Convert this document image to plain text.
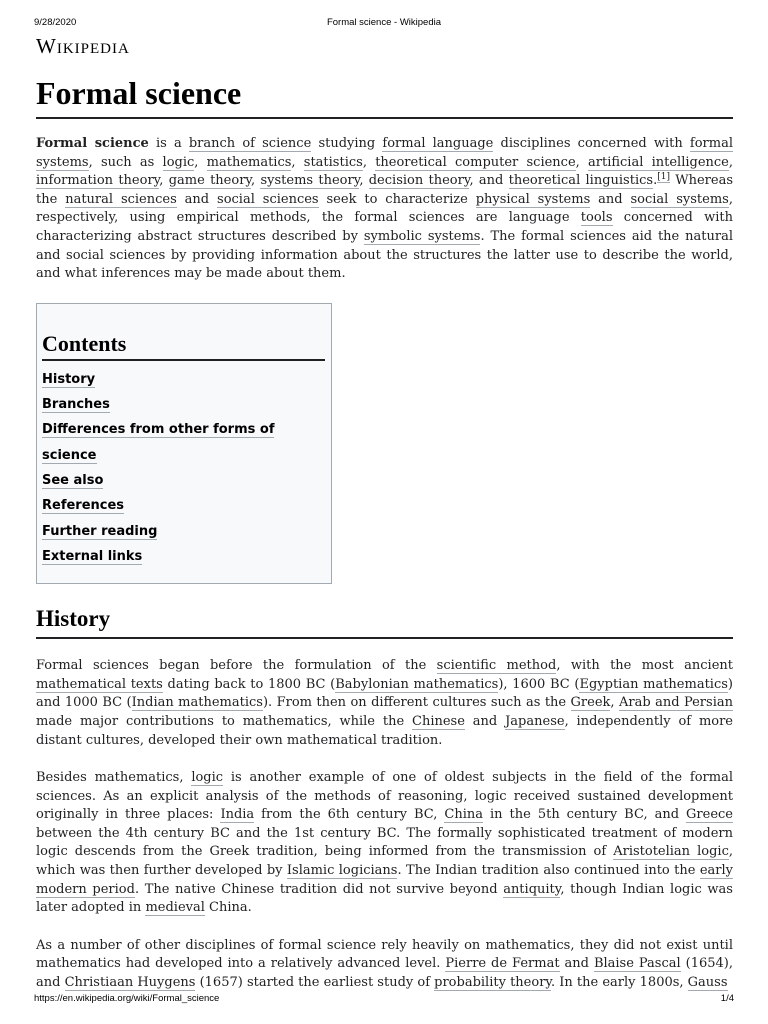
9/28/2020	Formal science - Wikipedia
Wikipedia
Formal science

Formal science is a branch of science studying formal language disciplines concerned with formal systems, such as logic, mathematics, statistics, theoretical computer science, artificial intelligence, information theory, game theory, systems theory, decision theory, and theoretical linguistics.[1] Whereas the natural sciences and social sciences seek to characterize physical systems and social systems, respectively, using empirical methods, the formal sciences are language tools concerned with characterizing abstract structures described by symbolic systems. The formal sciences aid the natural and social sciences by providing information about the structures the latter use to describe the world, and what inferences may be made about them.

Contents
History
Branches
Differences from other forms of science
See also
References
Further reading
External links
History

Formal sciences began before the formulation of the scientific method, with the most ancient mathematical texts dating back to 1800 BC (Babylonian mathematics), 1600 BC (Egyptian mathematics) and 1000 BC (Indian mathematics). From then on different cultures such as the Greek, Arab and Persian made major contributions to mathematics, while the Chinese and Japanese, independently of more distant cultures, developed their own mathematical tradition.

Besides mathematics, logic is another example of one of oldest subjects in the field of the formal sciences. As an explicit analysis of the methods of reasoning, logic received sustained development originally in three places: India from the 6th century BC, China in the 5th century BC, and Greece between the 4th century BC and the 1st century BC. The formally sophisticated treatment of modern logic descends from the Greek tradition, being informed from the transmission of Aristotelian logic, which was then further developed by Islamic logicians. The Indian tradition also continued into the early modern period. The native Chinese tradition did not survive beyond antiquity, though Indian logic was later adopted in medieval China.

As a number of other disciplines of formal science rely heavily on mathematics, they did not exist until mathematics had developed into a relatively advanced level. Pierre de Fermat and Blaise Pascal (1654), and Christiaan Huygens (1657) started the earliest study of probability theory. In the early 1800s, Gauss

https://en.wikipedia.org/wiki/Formal_science	1/4
